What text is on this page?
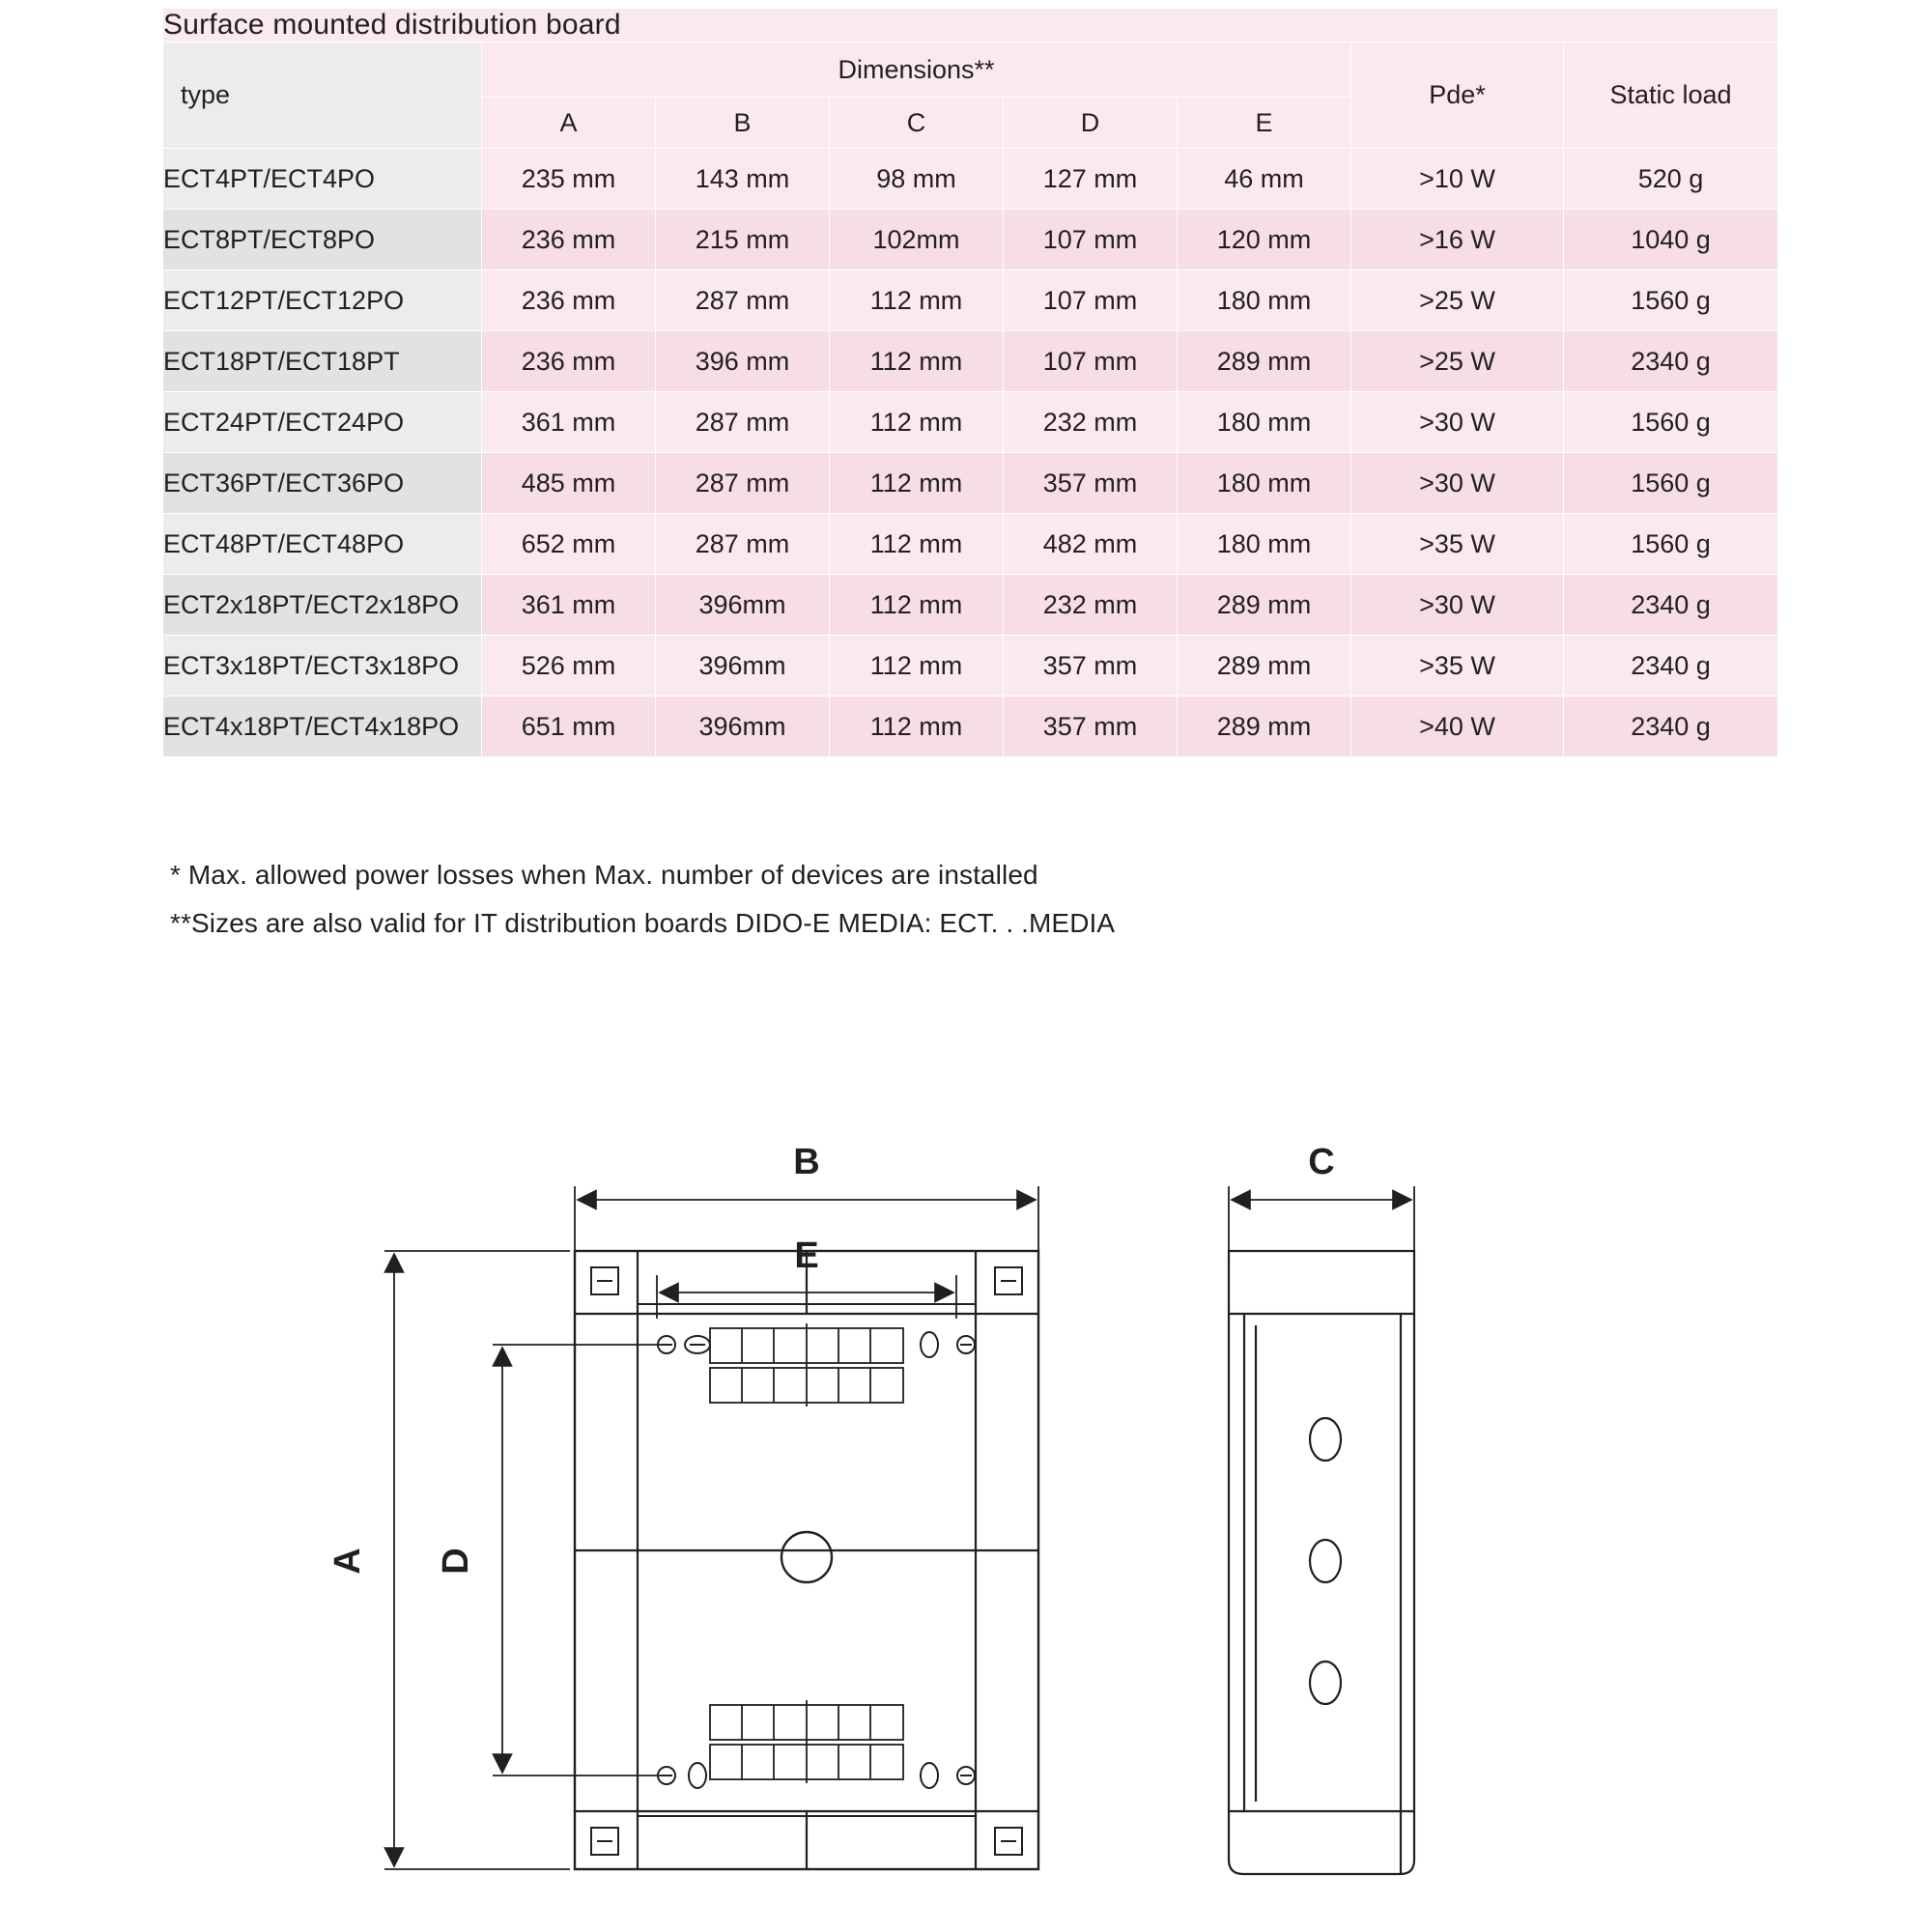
Surface mounted distribution board							
type	Dimensions**					Pde*	Static load
	A	B	C	D	E		
ECT4PT/ECT4PO	235 mm	143 mm	98 mm	127 mm	46 mm	>10 W	520 g
ECT8PT/ECT8PO	236 mm	215 mm	102mm	107 mm	120 mm	>16 W	1040 g
ECT12PT/ECT12PO	236 mm	287 mm	112 mm	107 mm	180 mm	>25 W	1560 g
ECT18PT/ECT18PT	236 mm	396 mm	112 mm	107 mm	289 mm	>25 W	2340 g
ECT24PT/ECT24PO	361 mm	287 mm	112 mm	232 mm	180 mm	>30 W	1560 g
ECT36PT/ECT36PO	485 mm	287 mm	112 mm	357 mm	180 mm	>30 W	1560 g
ECT48PT/ECT48PO	652 mm	287 mm	112 mm	482 mm	180 mm	>35 W	1560 g
ECT2x18PT/ECT2x18PO	361 mm	396mm	112 mm	232 mm	289 mm	>30 W	2340 g
ECT3x18PT/ECT3x18PO	526 mm	396mm	112 mm	357 mm	289 mm	>35 W	2340 g
ECT4x18PT/ECT4x18PO	651 mm	396mm	112 mm	357 mm	289 mm	>40 W	2340 g
* Max. allowed power losses when Max. number of devices are installed
**Sizes are also valid for IT distribution boards DIDO-E MEDIA: ECT. . .MEDIA
B
E
A D
C
